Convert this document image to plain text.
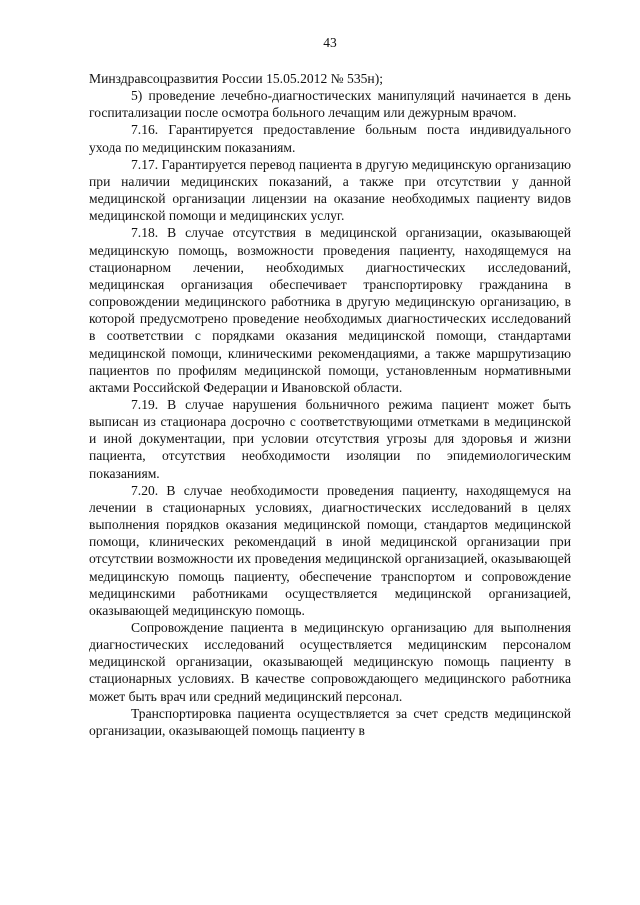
43

Минздравсоцразвития России 15.05.2012 № 535н);

5) проведение лечебно-диагностических манипуляций начинается в день госпитализации после осмотра больного лечащим или дежурным врачом.

7.16. Гарантируется предоставление больным поста индивидуального ухода по медицинским показаниям.

7.17. Гарантируется перевод пациента в другую медицинскую организацию при наличии медицинских показаний, а также при отсутствии у данной медицинской организации лицензии на оказание необходимых пациенту видов медицинской помощи и медицинских услуг.

7.18. В случае отсутствия в медицинской организации, оказывающей медицинскую помощь, возможности проведения пациенту, находящемуся на стационарном лечении, необходимых диагностических исследований, медицинская организация обеспечивает транспортировку гражданина в сопровождении медицинского работника в другую медицинскую организацию, в которой предусмотрено проведение необходимых диагностических исследований в соответствии с порядками оказания медицинской помощи, стандартами медицинской помощи, клиническими рекомендациями, а также маршрутизацию пациентов по профилям медицинской помощи, установленным нормативными актами Российской Федерации и Ивановской области.

7.19. В случае нарушения больничного режима пациент может быть выписан из стационара досрочно с соответствующими отметками в медицинской и иной документации, при условии отсутствия угрозы для здоровья и жизни пациента, отсутствия необходимости изоляции по эпидемиологическим показаниям.

7.20. В случае необходимости проведения пациенту, находящемуся на лечении в стационарных условиях, диагностических исследований в целях выполнения порядков оказания медицинской помощи, стандартов медицинской помощи, клинических рекомендаций в иной медицинской организации при отсутствии возможности их проведения медицинской организацией, оказывающей медицинскую помощь пациенту, обеспечение транспортом и сопровождение медицинскими работниками осуществляется медицинской организацией, оказывающей медицинскую помощь.

Сопровождение пациента в медицинскую организацию для выполнения диагностических исследований осуществляется медицинским персоналом медицинской организации, оказывающей медицинскую помощь пациенту в стационарных условиях. В качестве сопровождающего медицинского работника может быть врач или средний медицинский персонал.

Транспортировка пациента осуществляется за счет средств медицинской организации, оказывающей помощь пациенту в
